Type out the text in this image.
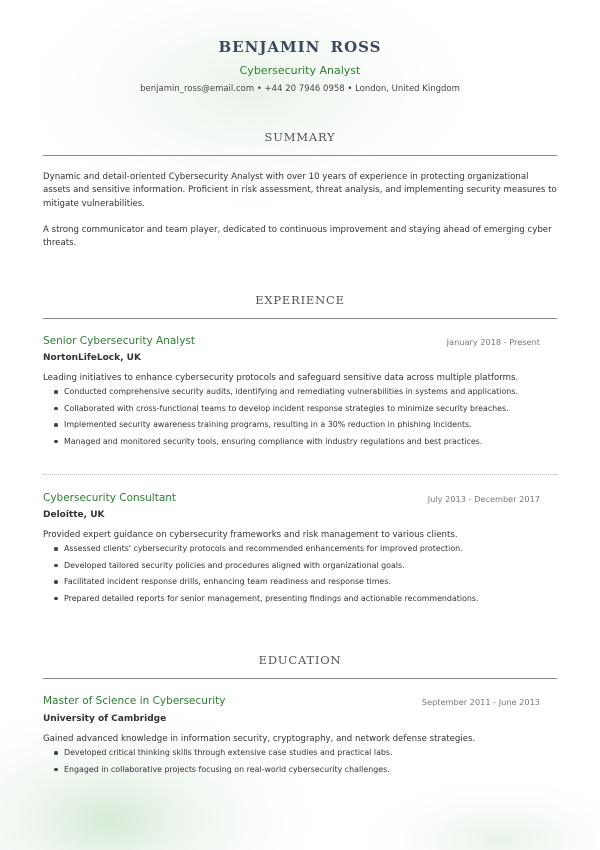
BENJAMIN ROSS
Cybersecurity Analyst
benjamin_ross@email.com • +44 20 7946 0958 • London, United Kingdom
SUMMARY
Dynamic and detail-oriented Cybersecurity Analyst with over 10 years of experience in protecting organizational assets and sensitive information. Proficient in risk assessment, threat analysis, and implementing security measures to mitigate vulnerabilities.
A strong communicator and team player, dedicated to continuous improvement and staying ahead of emerging cyber threats.
EXPERIENCE
Senior Cybersecurity Analyst	January 2018 - Present
NortonLifeLock, UK
Leading initiatives to enhance cybersecurity protocols and safeguard sensitive data across multiple platforms.
Conducted comprehensive security audits, identifying and remediating vulnerabilities in systems and applications.
Collaborated with cross-functional teams to develop incident response strategies to minimize security breaches.
Implemented security awareness training programs, resulting in a 30% reduction in phishing incidents.
Managed and monitored security tools, ensuring compliance with industry regulations and best practices.
Cybersecurity Consultant	July 2013 - December 2017
Deloitte, UK
Provided expert guidance on cybersecurity frameworks and risk management to various clients.
Assessed clients' cybersecurity protocols and recommended enhancements for improved protection.
Developed tailored security policies and procedures aligned with organizational goals.
Facilitated incident response drills, enhancing team readiness and response times.
Prepared detailed reports for senior management, presenting findings and actionable recommendations.
EDUCATION
Master of Science in Cybersecurity	September 2011 - June 2013
University of Cambridge
Gained advanced knowledge in information security, cryptography, and network defense strategies.
Developed critical thinking skills through extensive case studies and practical labs.
Engaged in collaborative projects focusing on real-world cybersecurity challenges.
